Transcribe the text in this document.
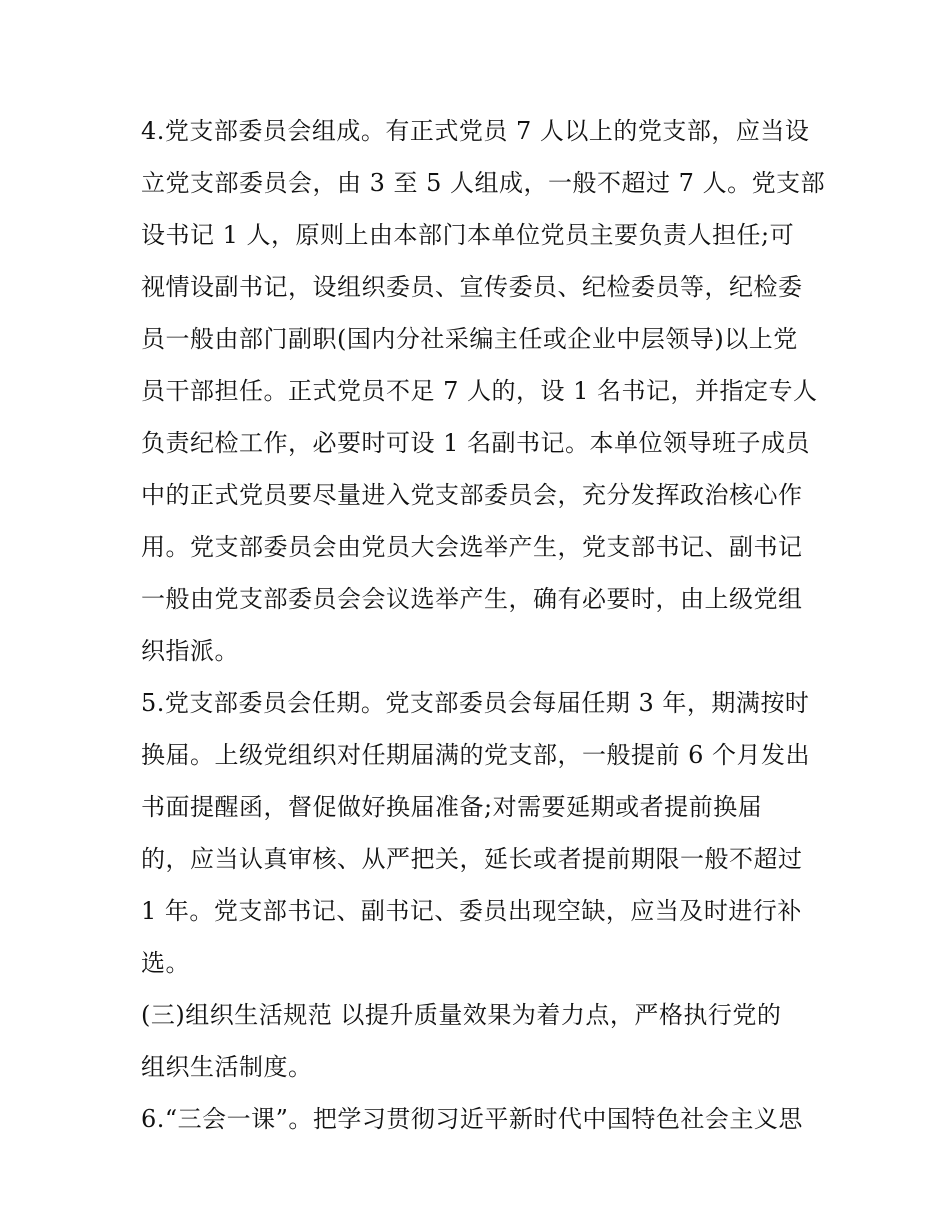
4.党支部委员会组成。有正式党员 7 人以上的党支部，应当设
立党支部委员会，由 3 至 5 人组成，一般不超过 7 人。党支部
设书记 1 人，原则上由本部门本单位党员主要负责人担任;可
视情设副书记，设组织委员、宣传委员、纪检委员等，纪检委
员一般由部门副职(国内分社采编主任或企业中层领导)以上党
员干部担任。正式党员不足 7 人的，设 1 名书记，并指定专人
负责纪检工作，必要时可设 1 名副书记。本单位领导班子成员
中的正式党员要尽量进入党支部委员会，充分发挥政治核心作
用。党支部委员会由党员大会选举产生，党支部书记、副书记
一般由党支部委员会会议选举产生，确有必要时，由上级党组
织指派。
5.党支部委员会任期。党支部委员会每届任期 3 年，期满按时
换届。上级党组织对任期届满的党支部，一般提前 6 个月发出
书面提醒函，督促做好换届准备;对需要延期或者提前换届
的，应当认真审核、从严把关，延长或者提前期限一般不超过
1 年。党支部书记、副书记、委员出现空缺，应当及时进行补
选。
(三)组织生活规范 以提升质量效果为着力点，严格执行党的
组织生活制度。
6.“三会一课”。把学习贯彻习近平新时代中国特色社会主义思
